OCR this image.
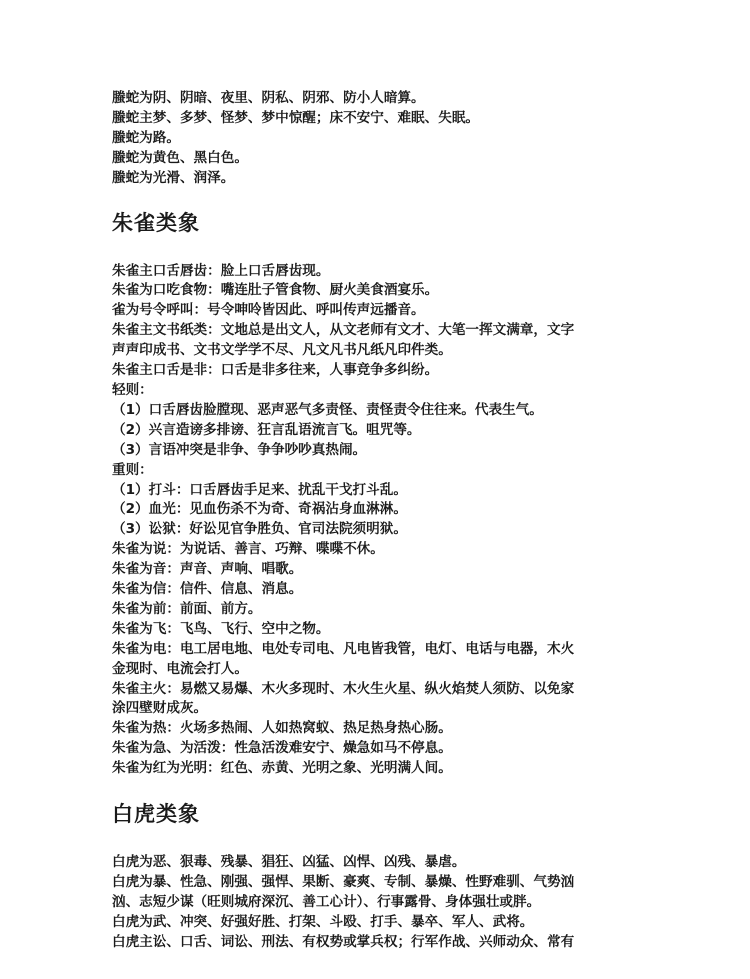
螣蛇为阴、阴暗、夜里、阴私、阴邪、防小人暗算。

螣蛇主梦、多梦、怪梦、梦中惊醒；床不安宁、难眠、失眠。

螣蛇为路。

螣蛇为黄色、黑白色。

螣蛇为光滑、润泽。

朱雀类象

朱雀主口舌唇齿：脸上口舌唇齿现。

朱雀为口吃食物：嘴连肚子管食物、厨火美食酒宴乐。

雀为号令呼叫：号令呻呤皆因此、呼叫传声远播音。

朱雀主文书纸类：文地总是出文人，从文老师有文才、大笔一挥文满章，文字

声声印成书、文书文学学不尽、凡文凡书凡纸凡印件类。

朱雀主口舌是非：口舌是非多往来，人事竞争多纠纷。

轻则：

（1）口舌唇齿脸膛现、恶声恶气多责怪、责怪责令住往来。代表生气。

（2）兴言造谤多排谤、狂言乱语流言飞。咀咒等。

（3）言语冲突是非争、争争吵吵真热闹。

重则：

（1）打斗：口舌唇齿手足来、扰乱干戈打斗乱。

（2）血光：见血伤杀不为奇、奇祸沾身血淋淋。

（3）讼狱：好讼见官争胜负、官司法院须明狱。

朱雀为说：为说话、善言、巧辩、喋喋不休。

朱雀为音：声音、声响、唱歌。

朱雀为信：信件、信息、消息。

朱雀为前：前面、前方。

朱雀为飞：飞鸟、飞行、空中之物。

朱雀为电：电工居电地、电处专司电、凡电皆我管，电灯、电话与电器，木火

金现时、电流会打人。

朱雀主火：易燃又易爆、木火多现时、木火生火星、纵火焰焚人须防、以免家

涂四壁财成灰。

朱雀为热：火场多热闹、人如热窝蚁、热足热身热心肠。

朱雀为急、为活泼：性急活泼难安宁、燥急如马不停息。

朱雀为红为光明：红色、赤黄、光明之象、光明满人间。

白虎类象

白虎为恶、狠毒、残暴、猖狂、凶猛、凶悍、凶残、暴虐。

白虎为暴、性急、刚强、强悍、果断、豪爽、专制、暴燥、性野难驯、气势汹

汹、志短少谋（旺则城府深沉、善工心计）、行事露骨、身体强壮或胖。

白虎为武、冲突、好强好胜、打架、斗殴、打手、暴卒、军人、武将。

白虎主讼、口舌、词讼、刑法、有权势或掌兵权；行军作战、兴师动众、常有
